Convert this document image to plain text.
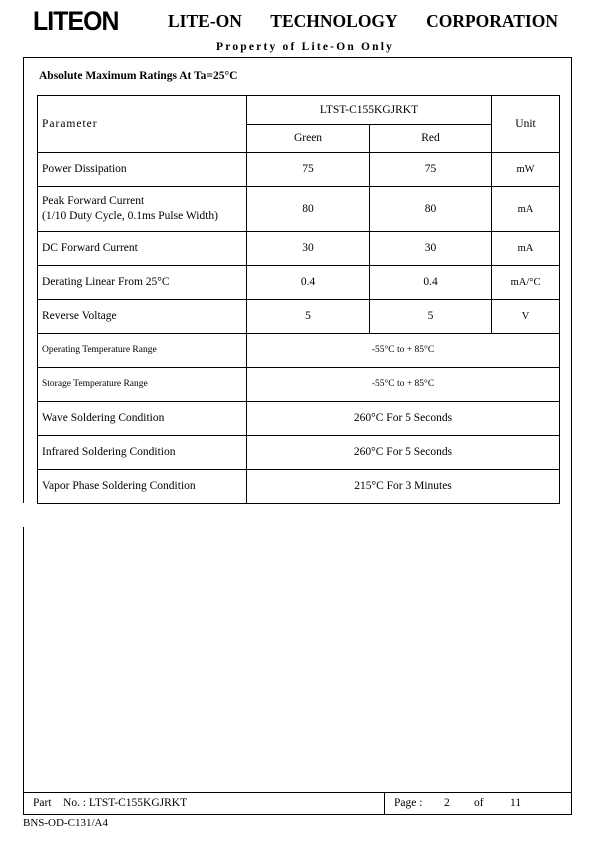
LITEON	LITE-ON TECHNOLOGY CORPORATION
Property of Lite-On Only
Absolute Maximum Ratings At Ta=25°C
Parameter	LTST-C155KGJRKT		Unit
	Green	Red	
Power Dissipation	75	75	mW

Peak Forward Current
(1/10 Duty Cycle, 0.1ms Pulse Width)	80	80	mA
DC Forward Current	30	30	mA
Derating Linear From 25°C	0.4	0.4	mA/°C
Reverse Voltage	5	5	V
Operating Temperature Range	-55°C to + 85°C		
Storage Temperature Range	-55°C to + 85°C		
Wave Soldering Condition	260°C For 5 Seconds		
Infrared Soldering Condition	260°C For 5 Seconds		
Vapor Phase Soldering Condition	215°C For 3 Minutes		
Part No. : LTST-C155KGJRKT	Page : 2 of 11
BNS-OD-C131/A4
